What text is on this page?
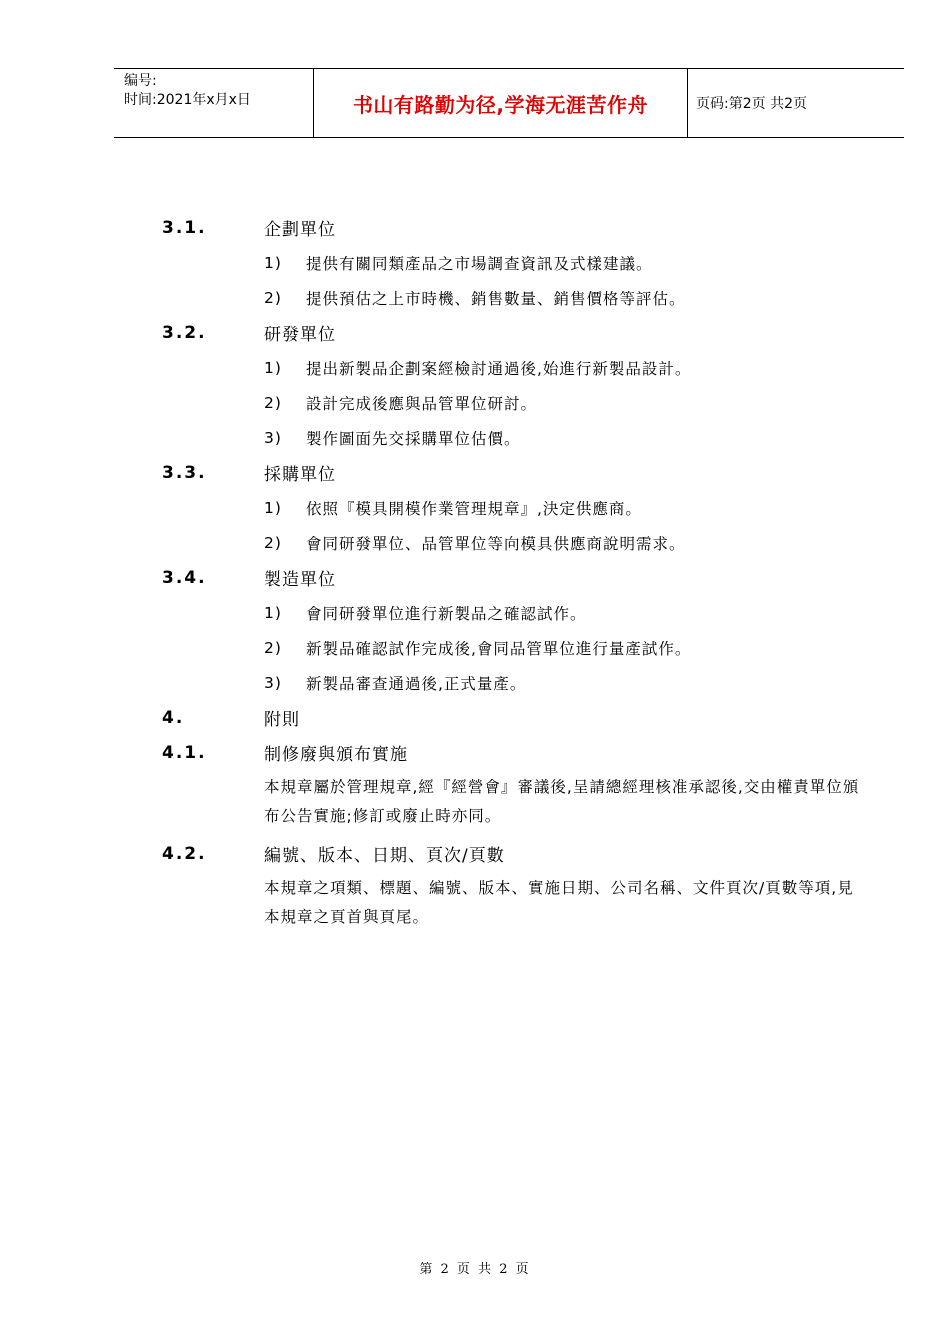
编号:
时间:2021年x月x日	书山有路勤为径,学海无涯苦作舟	页码:第2页 共2页
3.1.	企劃單位
1)	提供有關同類產品之市場調查資訊及式樣建議。
2)	提供預估之上市時機、銷售數量、銷售價格等評估。
3.2.	研發單位
1)	提出新製品企劃案經檢討通過後,始進行新製品設計。
2)	設計完成後應與品管單位研討。
3)	製作圖面先交採購單位估價。
3.3.	採購單位
1)	依照『模具開模作業管理規章』,決定供應商。
2)	會同研發單位、品管單位等向模具供應商說明需求。
3.4.	製造單位
1)	會同研發單位進行新製品之確認試作。
2)	新製品確認試作完成後,會同品管單位進行量產試作。
3)	新製品審查通過後,正式量產。
4.	附則
4.1.	制修廢與頒布實施
本規章屬於管理規章,經『經營會』審議後,呈請總經理核准承認後,交由權責單位頒布公告實施;修訂或廢止時亦同。
4.2.	編號、版本、日期、頁次/頁數
本規章之項類、標題、編號、版本、實施日期、公司名稱、文件頁次/頁數等項,見本規章之頁首與頁尾。
第 2 页 共 2 页
